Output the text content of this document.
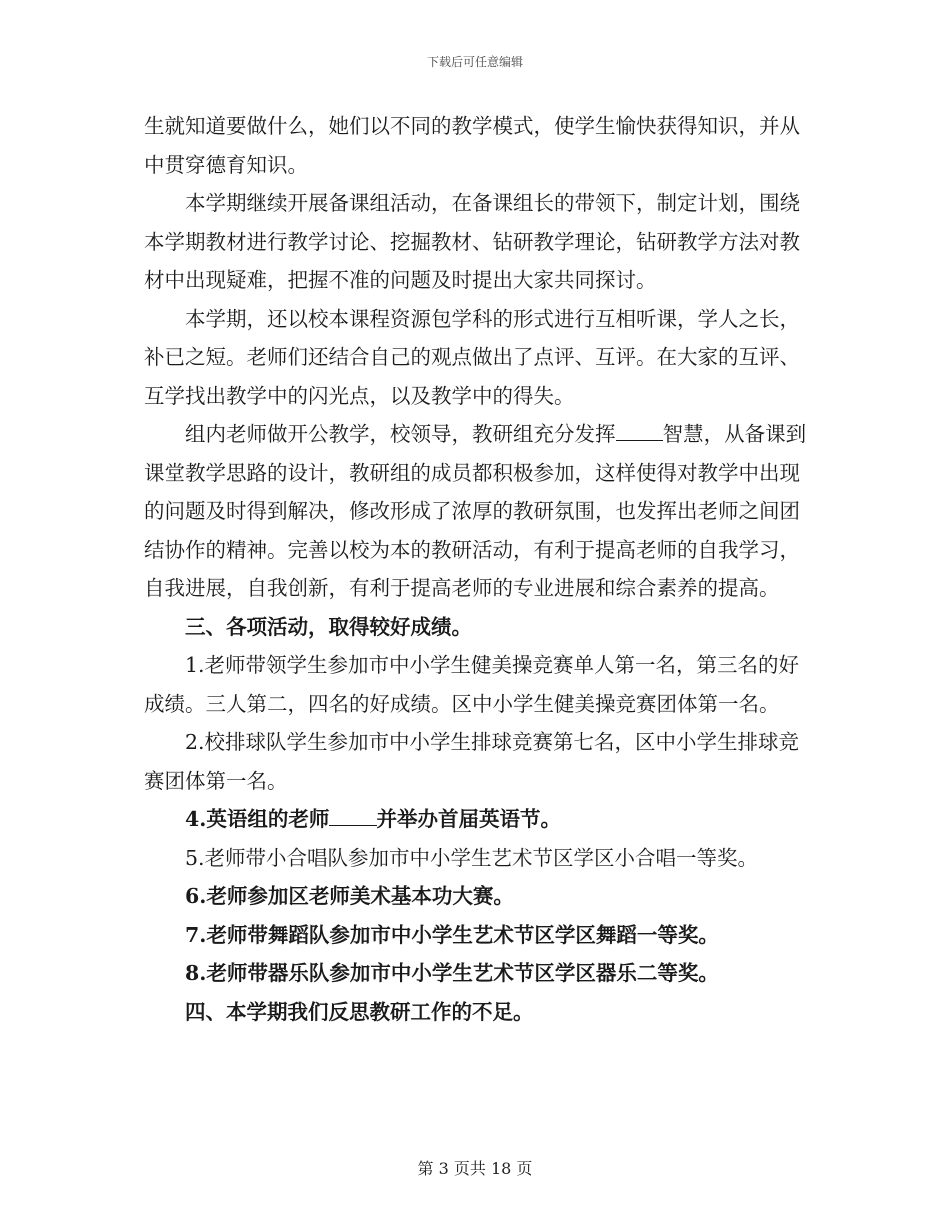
下载后可任意编辑

生就知道要做什么，她们以不同的教学模式，使学生愉快获得知识，并从中贯穿德育知识。

本学期继续开展备课组活动，在备课组长的带领下，制定计划，围绕本学期教材进行教学讨论、挖掘教材、钻研教学理论，钻研教学方法对教材中出现疑难，把握不准的问题及时提出大家共同探讨。

本学期，还以校本课程资源包学科的形式进行互相听课，学人之长，补已之短。老师们还结合自己的观点做出了点评、互评。在大家的互评、互学找出教学中的闪光点，以及教学中的得失。

组内老师做开公教学，校领导，教研组充分发挥 智慧，从备课到课堂教学思路的设计，教研组的成员都积极参加，这样使得对教学中出现的问题及时得到解决，修改形成了浓厚的教研氛围，也发挥出老师之间团结协作的精神。完善以校为本的教研活动，有利于提高老师的自我学习，自我进展，自我创新，有利于提高老师的专业进展和综合素养的提高。

三、各项活动，取得较好成绩。

1.老师带领学生参加市中小学生健美操竞赛单人第一名，第三名的好成绩。三人第二，四名的好成绩。区中小学生健美操竞赛团体第一名。

2.校排球队学生参加市中小学生排球竞赛第七名，区中小学生排球竞赛团体第一名。

4.英语组的老师 并举办首届英语节。

5.老师带小合唱队参加市中小学生艺术节区学区小合唱一等奖。

6.老师参加区老师美术基本功大赛。

7.老师带舞蹈队参加市中小学生艺术节区学区舞蹈一等奖。

8.老师带器乐队参加市中小学生艺术节区学区器乐二等奖。

四、本学期我们反思教研工作的不足。

第 3 页共 18 页
